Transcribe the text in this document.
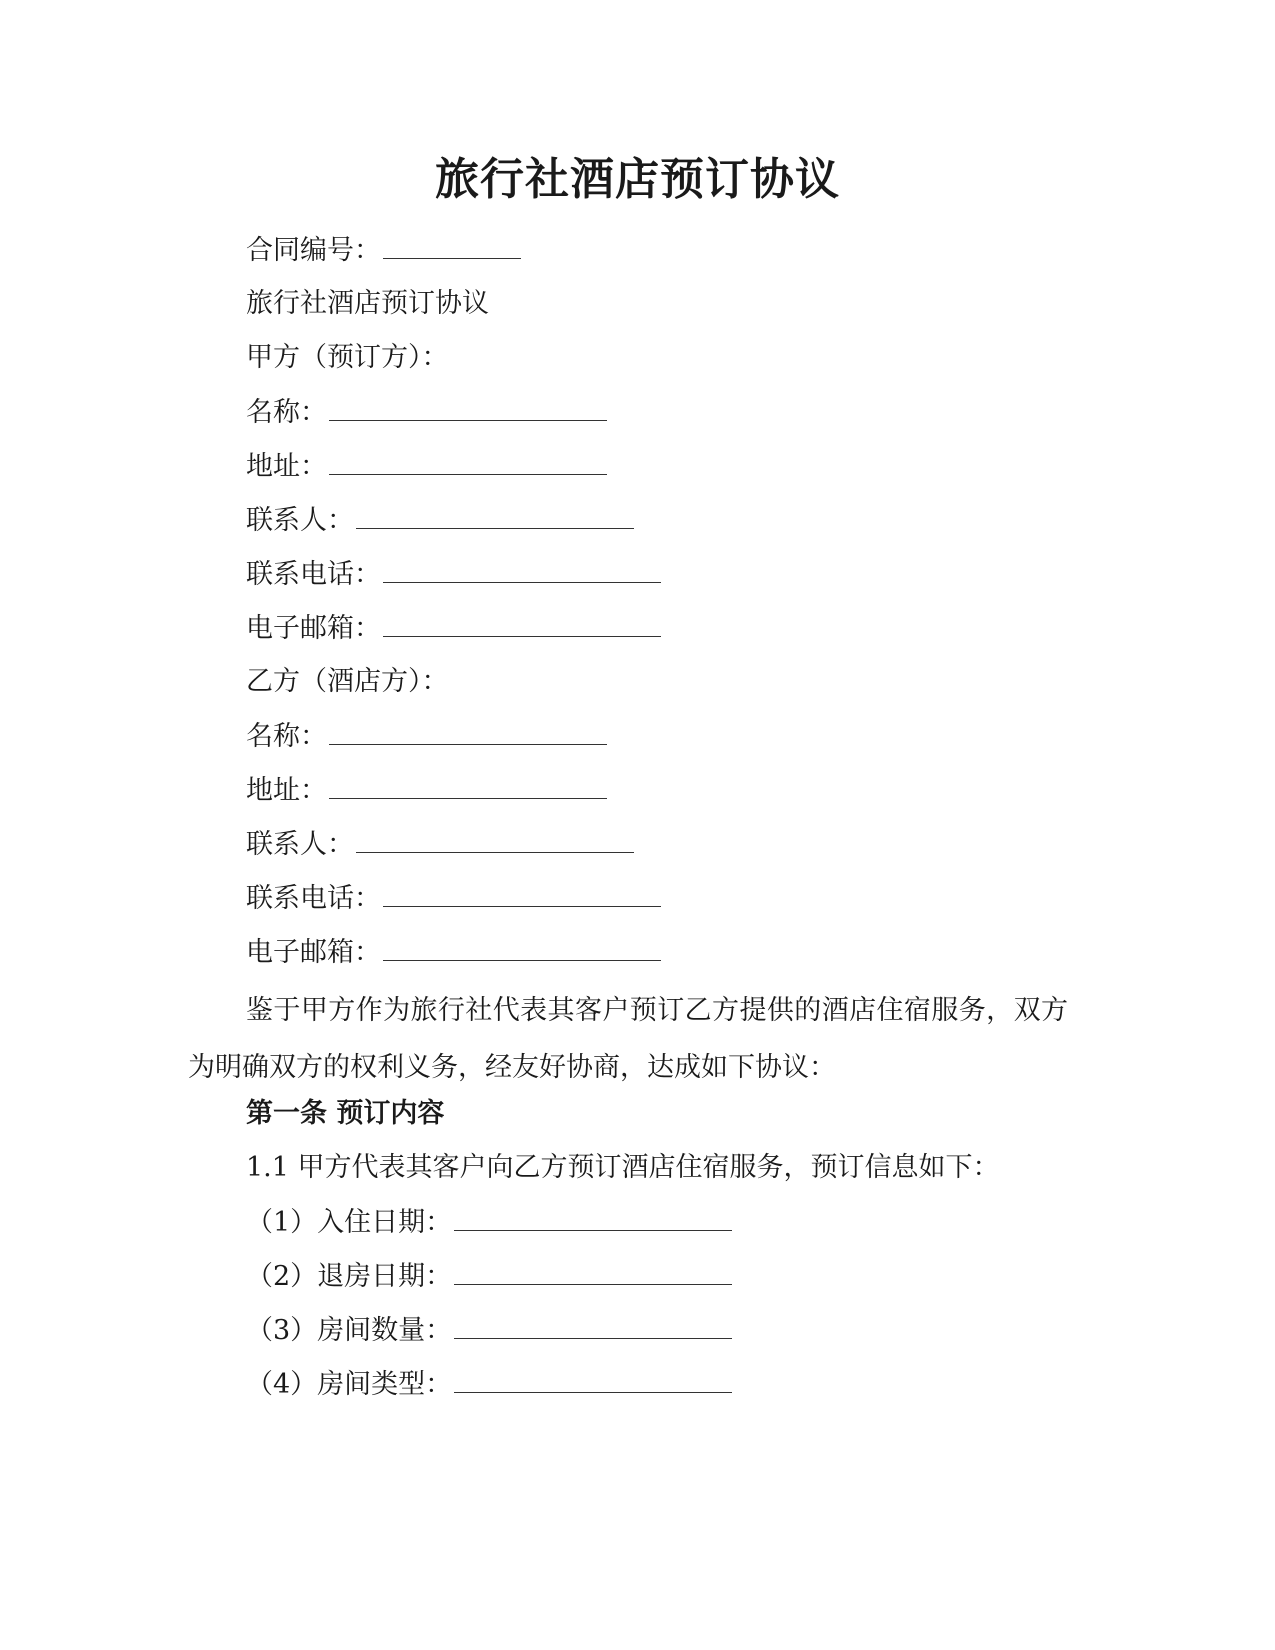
旅行社酒店预订协议
合同编号：
旅行社酒店预订协议
甲方（预订方）：
名称：
地址：
联系人：
联系电话：
电子邮箱：
乙方（酒店方）：
名称：
地址：
联系人：
联系电话：
电子邮箱：
鉴于甲方作为旅行社代表其客户预订乙方提供的酒店住宿服务，双方为明确双方的权利义务，经友好协商，达成如下协议：
第一条 预订内容
1.1 甲方代表其客户向乙方预订酒店住宿服务，预订信息如下：
（1）入住日期：
（2）退房日期：
（3）房间数量：
（4）房间类型：
